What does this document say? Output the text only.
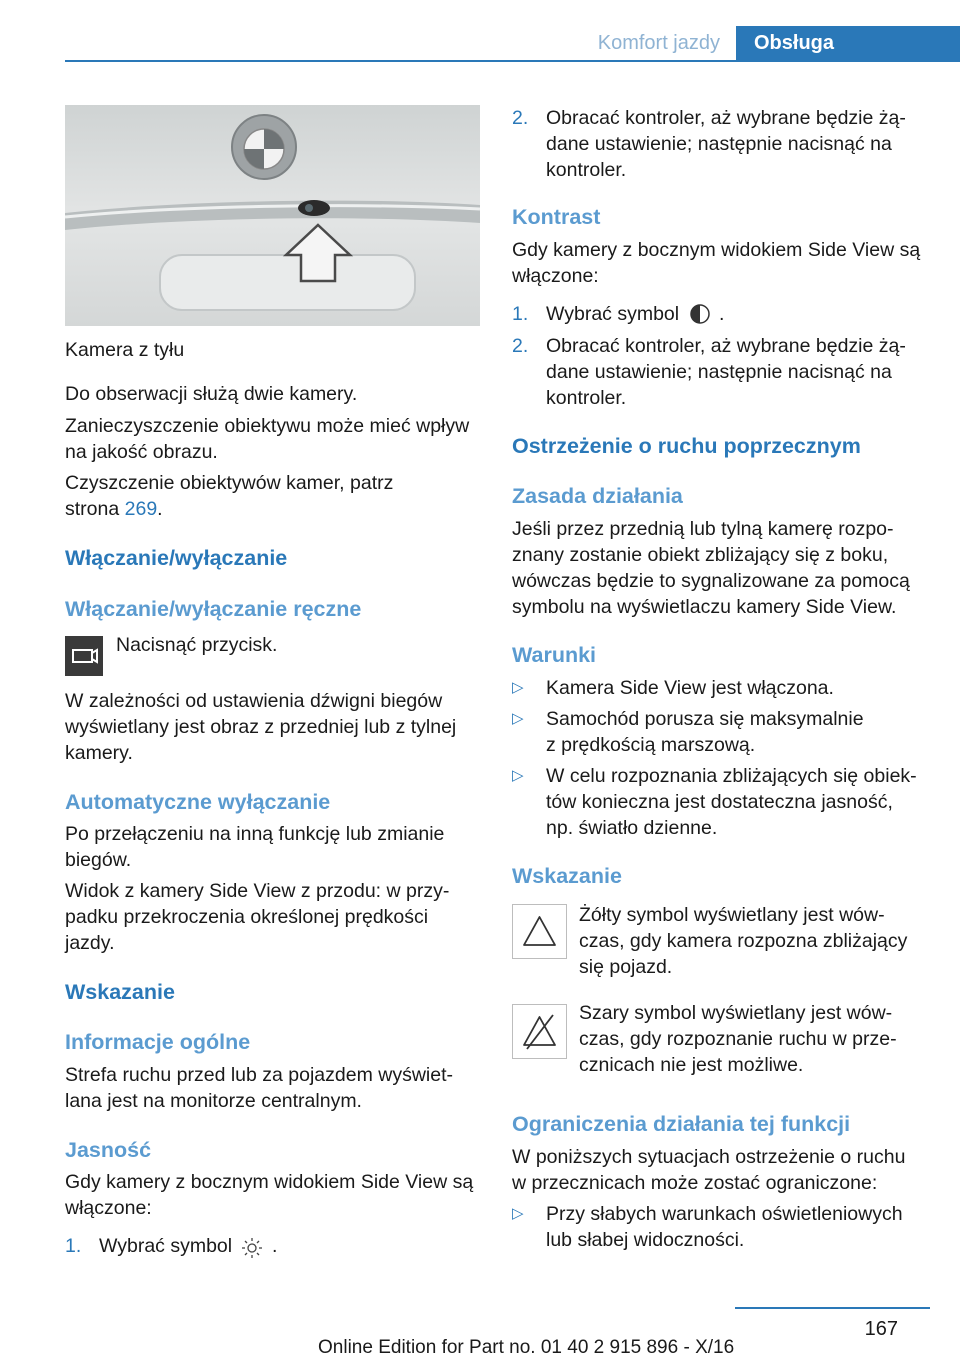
Komfort jazdy	Obsługa

Kamera z tyłu

Do obserwacji służą dwie kamery.

Zanieczyszczenie obiektywu może mieć wpływ

na jakość obrazu.

Czyszczenie obiektywów kamer, patrz

strona 269.

Włączanie/wyłączanie
Włączanie/wyłączanie ręczne

Nacisnąć przycisk.

W zależności od ustawienia dźwigni biegów

wyświetlany jest obraz z przedniej lub z tylnej

kamery.

Automatyczne wyłączanie

Po przełączeniu na inną funkcję lub zmianie

biegów.

Widok z kamery Side View z przodu: w przy‐

padku przekroczenia określonej prędkości

jazdy.

Wskazanie
Informacje ogólne

Strefa ruchu przed lub za pojazdem wyświet‐

lana jest na monitorze centralnym.

Jasność

Gdy kamery z bocznym widokiem Side View są

włączone:

1. Wybrać symbol .

2. Obracać kontroler, aż wybrane będzie żą‐

dane ustawienie; następnie nacisnąć na

kontroler.

Kontrast

Gdy kamery z bocznym widokiem Side View są

włączone:

1. Wybrać symbol .

2. Obracać kontroler, aż wybrane będzie żą‐

dane ustawienie; następnie nacisnąć na

kontroler.

Ostrzeżenie o ruchu poprzecznym
Zasada działania

Jeśli przez przednią lub tylną kamerę rozpo‐

znany zostanie obiekt zbliżający się z boku,

wówczas będzie to sygnalizowane za pomocą

symbolu na wyświetlaczu kamery Side View.

Warunki
▷ Kamera Side View jest włączona.

▷ Samochód porusza się maksymalnie

z prędkością marszową.

▷ W celu rozpoznania zbliżających się obiek‐

tów konieczna jest dostateczna jasność,

np. światło dzienne.

Wskazanie

Żółty symbol wyświetlany jest wów‐

czas, gdy kamera rozpozna zbliżający

się pojazd.

Szary symbol wyświetlany jest wów‐

czas, gdy rozpoznanie ruchu w prze‐

cznicach nie jest możliwe.

Ograniczenia działania tej funkcji

W poniższych sytuacjach ostrzeżenie o ruchu

w przecznicach może zostać ograniczone:

▷ Przy słabych warunkach oświetleniowych

lub słabej widoczności.

167
Online Edition for Part no. 01 40 2 915 896 - X/16
